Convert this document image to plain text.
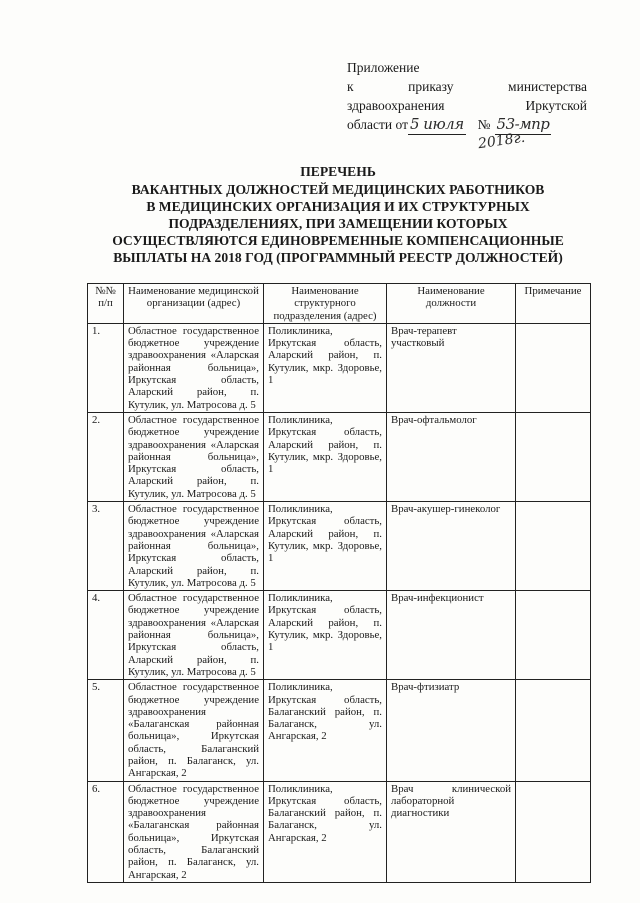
Приложение
к	приказу	министерства
здравоохранения	Иркутской
области от 5 июля № 53-мпр
2018г.
ПЕРЕЧЕНЬ
ВАКАНТНЫХ ДОЛЖНОСТЕЙ МЕДИЦИНСКИХ РАБОТНИКОВ
В МЕДИЦИНСКИХ ОРГАНИЗАЦИЯ И ИХ СТРУКТУРНЫХ
ПОДРАЗДЕЛЕНИЯХ, ПРИ ЗАМЕЩЕНИИ КОТОРЫХ
ОСУЩЕСТВЛЯЮТСЯ ЕДИНОВРЕМЕННЫЕ КОМПЕНСАЦИОННЫЕ
ВЫПЛАТЫ НА 2018 ГОД (ПРОГРАММНЫЙ РЕЕСТР ДОЛЖНОСТЕЙ)
№№ п/п	Наименование медицинской организации (адрес)	Наименование структурного подразделения (адрес)	Наименование должности	Примечание
1.	Областное государственное бюджетное учреждение здравоохранения «Аларская районная больница», Иркутская область, Аларский район, п. Кутулик, ул. Матросова д. 5	Поликлиника, Иркутская область, Аларский район, п. Кутулик, мкр. Здоровье, 1	Врач-терапевт участковый	
2.	Областное государственное бюджетное учреждение здравоохранения «Аларская районная больница», Иркутская область, Аларский район, п. Кутулик, ул. Матросова д. 5	Поликлиника, Иркутская область, Аларский район, п. Кутулик, мкр. Здоровье, 1	Врач-офтальмолог	
3.	Областное государственное бюджетное учреждение здравоохранения «Аларская районная больница», Иркутская область, Аларский район, п. Кутулик, ул. Матросова д. 5	Поликлиника, Иркутская область, Аларский район, п. Кутулик, мкр. Здоровье, 1	Врач-акушер-гинеколог	
4.	Областное государственное бюджетное учреждение здравоохранения «Аларская районная больница», Иркутская область, Аларский район, п. Кутулик, ул. Матросова д. 5	Поликлиника, Иркутская область, Аларский район, п. Кутулик, мкр. Здоровье, 1	Врач-инфекционист	
5.	Областное государственное бюджетное учреждение здравоохранения «Балаганская районная больница», Иркутская область, Балаганский район, п. Балаганск, ул. Ангарская, 2	Поликлиника, Иркутская область, Балаганский район, п. Балаганск, ул. Ангарская, 2	Врач-фтизиатр	
6.	Областное государственное бюджетное учреждение здравоохранения «Балаганская районная больница», Иркутская область, Балаганский район, п. Балаганск, ул. Ангарская, 2	Поликлиника, Иркутская область, Балаганский район, п. Балаганск, ул. Ангарская, 2	Врач клинической лабораторной диагностики	
